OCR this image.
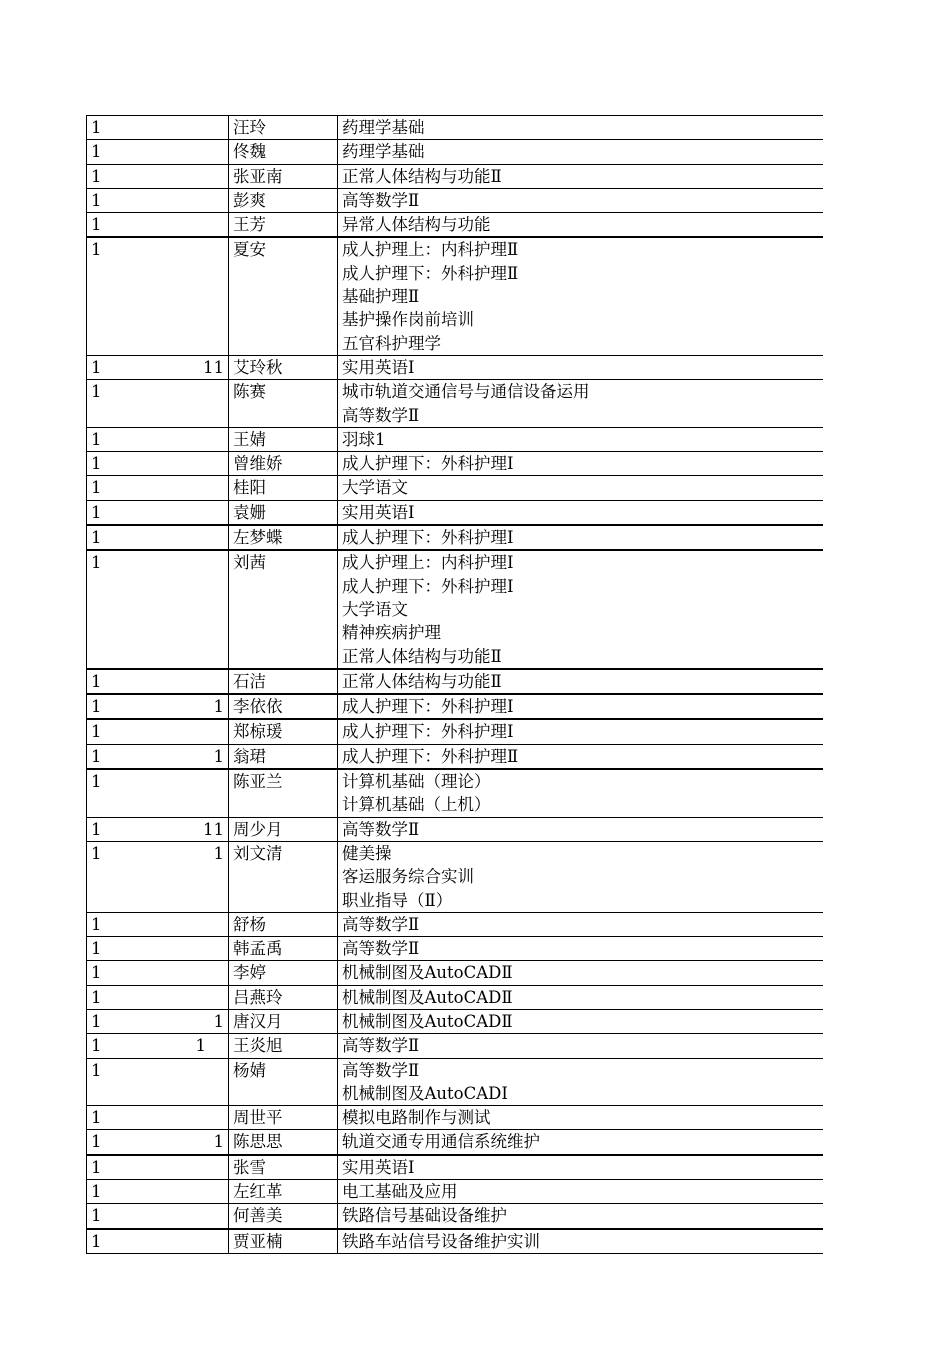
1	汪玲	药理学基础

1	佟魏	药理学基础

1	张亚南	正常人体结构与功能Ⅱ

1	彭爽	高等数学Ⅱ

1	王芳	异常人体结构与功能

1	夏安	成人护理上：内科护理Ⅱ
成人护理下：外科护理Ⅱ
基础护理Ⅱ
基护操作岗前培训
五官科护理学

1 11	艾玲秋	实用英语Ⅰ

1	陈赛	城市轨道交通信号与通信设备运用
高等数学Ⅱ

1	王婧	羽球1

1	曾维娇	成人护理下：外科护理Ⅰ

1	桂阳	大学语文

1	袁姗	实用英语Ⅰ

1	左梦蝶	成人护理下：外科护理Ⅰ

1	刘茜	成人护理上：内科护理Ⅰ
成人护理下：外科护理Ⅰ
大学语文
精神疾病护理
正常人体结构与功能Ⅱ

1	石洁	正常人体结构与功能Ⅱ

1 1	李依依	成人护理下：外科护理Ⅰ

1	郑椋瑗	成人护理下：外科护理Ⅰ

1 1	翁珺	成人护理下：外科护理Ⅱ

1	陈亚兰	计算机基础（理论）
计算机基础（上机）

1 11	周少月	高等数学Ⅱ

1 1	刘文清	健美操
客运服务综合实训
职业指导（Ⅱ）

1	舒杨	高等数学Ⅱ

1	韩孟禹	高等数学Ⅱ

1	李婷	机械制图及AutoCADⅡ

1	吕燕玲	机械制图及AutoCADⅡ

1 1	唐汉月	机械制图及AutoCADⅡ

1 1	王炎旭	高等数学Ⅱ

1	杨婧	高等数学Ⅱ
机械制图及AutoCADⅠ

1	周世平	模拟电路制作与测试

1 1	陈思思	轨道交通专用通信系统维护

1	张雪	实用英语Ⅰ

1	左红革	电工基础及应用

1	何善美	铁路信号基础设备维护

1	贾亚楠	铁路车站信号设备维护实训
